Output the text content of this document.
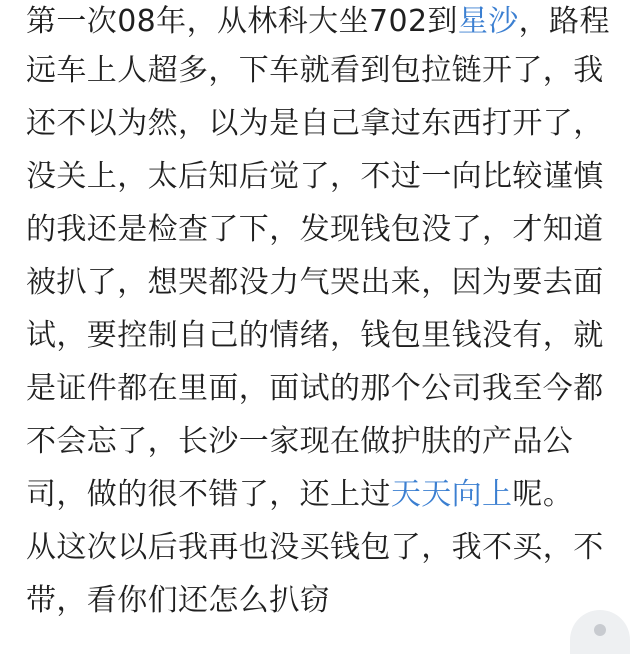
第一次08年，从林科大坐702到星沙，路程
远车上人超多，下车就看到包拉链开了，我
还不以为然，以为是自己拿过东西打开了，
没关上，太后知后觉了，不过一向比较谨慎
的我还是检查了下，发现钱包没了，才知道
被扒了，想哭都没力气哭出来，因为要去面
试，要控制自己的情绪，钱包里钱没有，就
是证件都在里面，面试的那个公司我至今都
不会忘了，长沙一家现在做护肤的产品公
司，做的很不错了，还上过天天向上呢。
从这次以后我再也没买钱包了，我不买，不
带，看你们还怎么扒窃
